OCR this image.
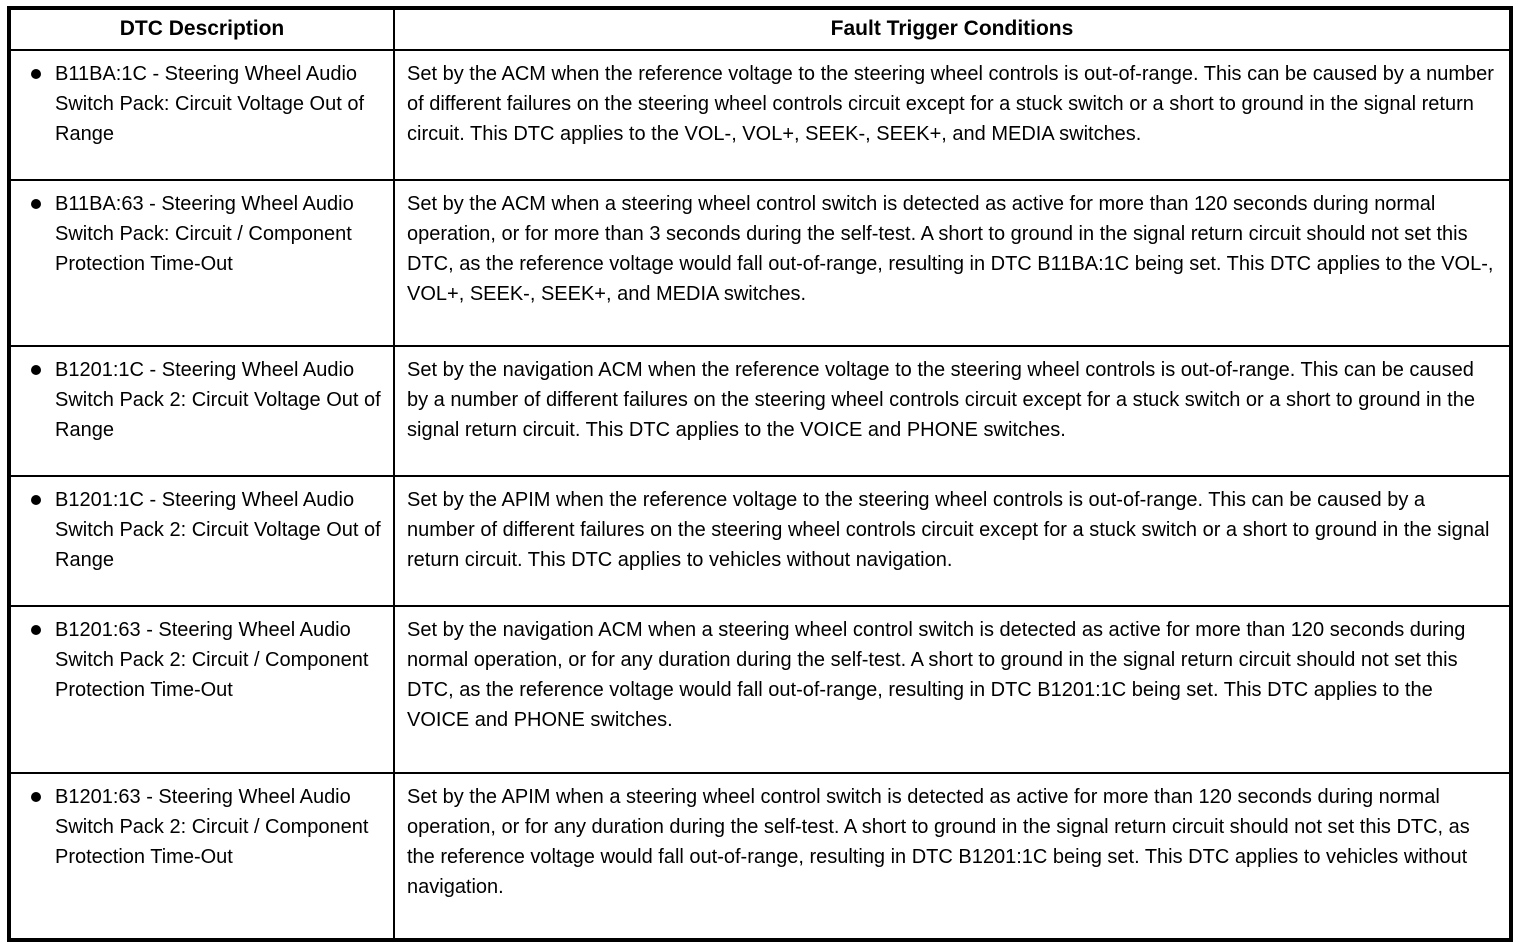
DTC Description	Fault Trigger Conditions

B11BA:1C - Steering Wheel Audio Switch Pack: Circuit Voltage Out of Range	Set by the ACM when the reference voltage to the steering wheel controls is out-of-range. This can be caused by a number of different failures on the steering wheel controls circuit except for a stuck switch or a short to ground in the signal return circuit. This DTC applies to the VOL-, VOL+, SEEK-, SEEK+, and MEDIA switches.

B11BA:63 - Steering Wheel Audio Switch Pack: Circuit / Component Protection Time-Out	Set by the ACM when a steering wheel control switch is detected as active for more than 120 seconds during normal operation, or for more than 3 seconds during the self-test. A short to ground in the signal return circuit should not set this DTC, as the reference voltage would fall out-of-range, resulting in DTC B11BA:1C being set. This DTC applies to the VOL-, VOL+, SEEK-, SEEK+, and MEDIA switches.

B1201:1C - Steering Wheel Audio Switch Pack 2: Circuit Voltage Out of Range	Set by the navigation ACM when the reference voltage to the steering wheel controls is out-of-range. This can be caused by a number of different failures on the steering wheel controls circuit except for a stuck switch or a short to ground in the signal return circuit. This DTC applies to the VOICE and PHONE switches.

B1201:1C - Steering Wheel Audio Switch Pack 2: Circuit Voltage Out of Range	Set by the APIM when the reference voltage to the steering wheel controls is out-of-range. This can be caused by a number of different failures on the steering wheel controls circuit except for a stuck switch or a short to ground in the signal return circuit. This DTC applies to vehicles without navigation.

B1201:63 - Steering Wheel Audio Switch Pack 2: Circuit / Component Protection Time-Out	Set by the navigation ACM when a steering wheel control switch is detected as active for more than 120 seconds during normal operation, or for any duration during the self-test. A short to ground in the signal return circuit should not set this DTC, as the reference voltage would fall out-of-range, resulting in DTC B1201:1C being set. This DTC applies to the VOICE and PHONE switches.

B1201:63 - Steering Wheel Audio Switch Pack 2: Circuit / Component Protection Time-Out	Set by the APIM when a steering wheel control switch is detected as active for more than 120 seconds during normal operation, or for any duration during the self-test. A short to ground in the signal return circuit should not set this DTC, as the reference voltage would fall out-of-range, resulting in DTC B1201:1C being set. This DTC applies to vehicles without navigation.
